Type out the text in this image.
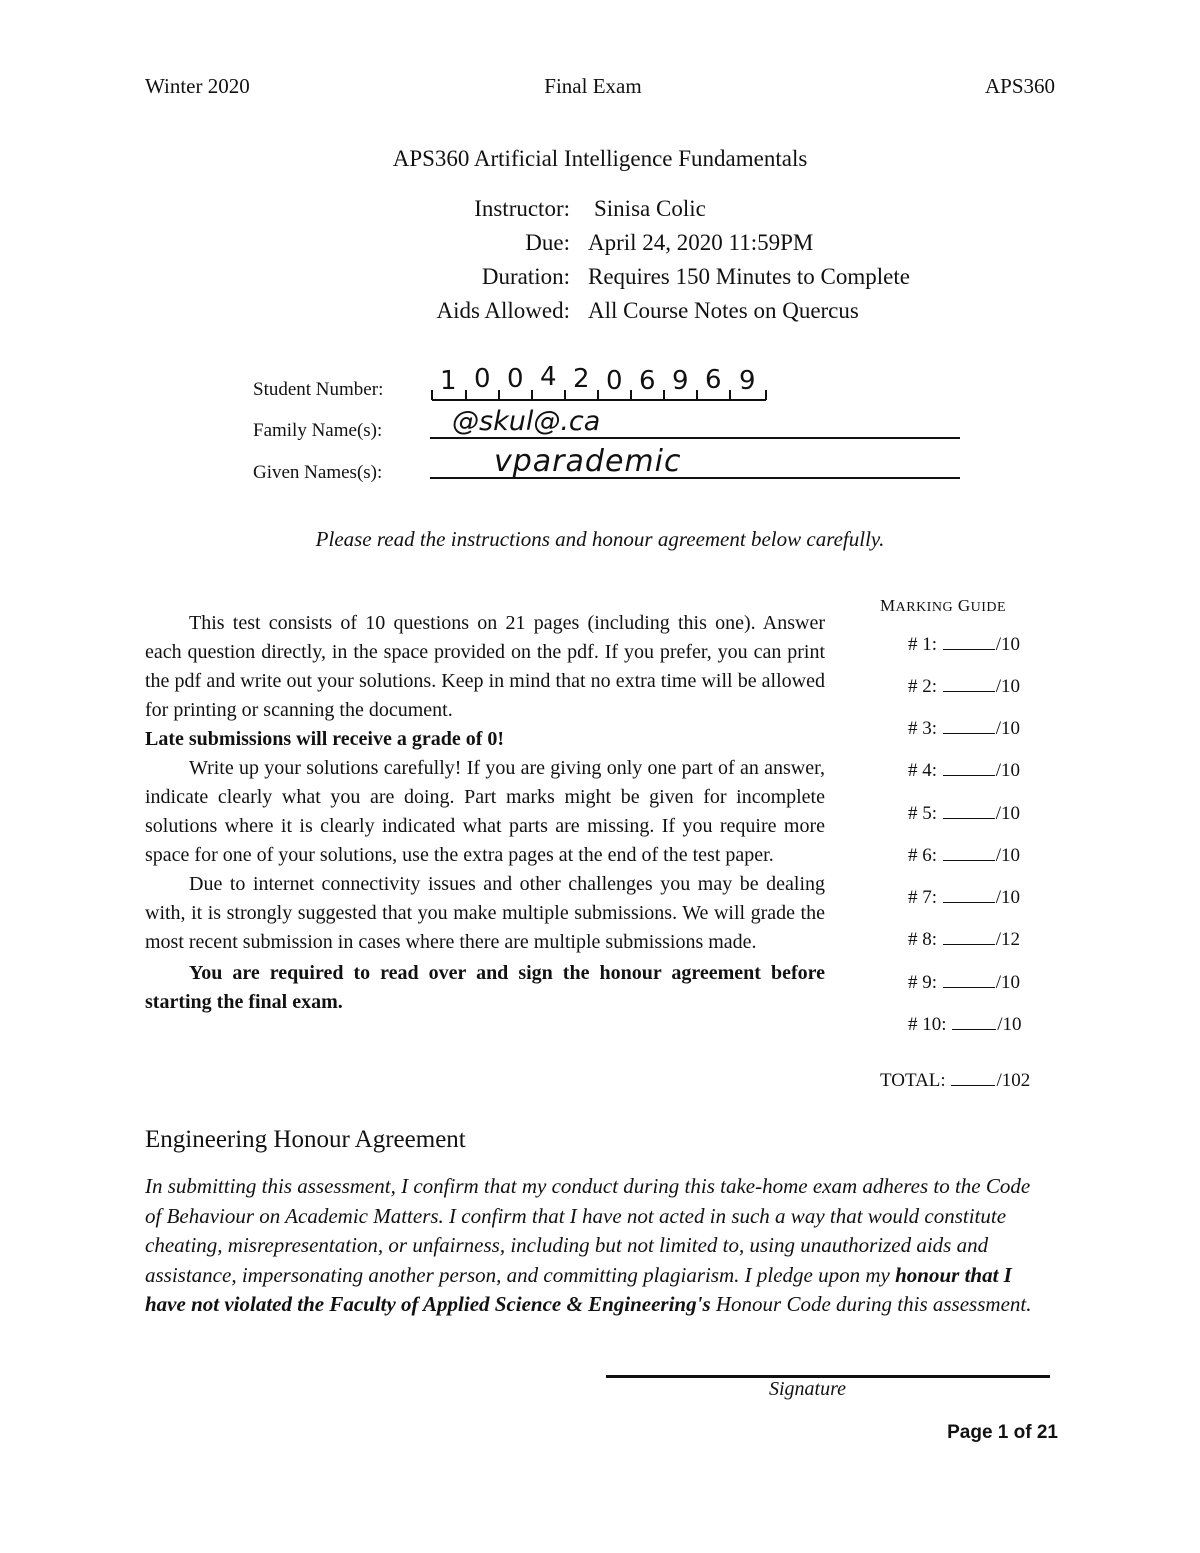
Winter 2020	Final Exam	APS360
APS360 Artificial Intelligence Fundamentals
Instructor: Sinisa Colic
Due: April 24, 2020 11:59PM
Duration: Requires 150 Minutes to Complete
Aids Allowed: All Course Notes on Quercus
Student Number: 1 0 0 4 2 0 6 9 6 9
Family Name(s):	@skul@.ca
Given Names(s):	vparademic
Please read the instructions and honour agreement below carefully.

This test consists of 10 questions on 21 pages (including this one). Answer each question directly, in the space provided on the pdf. If you prefer, you can print the pdf and write out your solutions. Keep in mind that no extra time will be allowed for printing or scanning the document.

Late submissions will receive a grade of 0!

Write up your solutions carefully! If you are giving only one part of an answer, indicate clearly what you are doing. Part marks might be given for incomplete solutions where it is clearly indicated what parts are missing. If you require more space for one of your solutions, use the extra pages at the end of the test paper.

Due to internet connectivity issues and other challenges you may be dealing with, it is strongly suggested that you make multiple submissions. We will grade the most recent submission in cases where there are multiple submissions made.

You are required to read over and sign the honour agreement before starting the final exam.

MARKING GUIDE
# 1:	/10
# 2:	/10
# 3:	/10
# 4:	/10
# 5:	/10
# 6:	/10
# 7:	/10
# 8:	/12
# 9:	/10
# 10:	/10
TOTAL:	/102
Engineering Honour Agreement
In submitting this assessment, I confirm that my conduct during this take-home exam adheres to the Code of Behaviour on Academic Matters. I confirm that I have not acted in such a way that would constitute cheating, misrepresentation, or unfairness, including but not limited to, using unauthorized aids and assistance, impersonating another person, and committing plagiarism. I pledge upon my honour that I have not violated the Faculty of Applied Science & Engineering's Honour Code during this assessment.
Signature
Page 1 of 21
